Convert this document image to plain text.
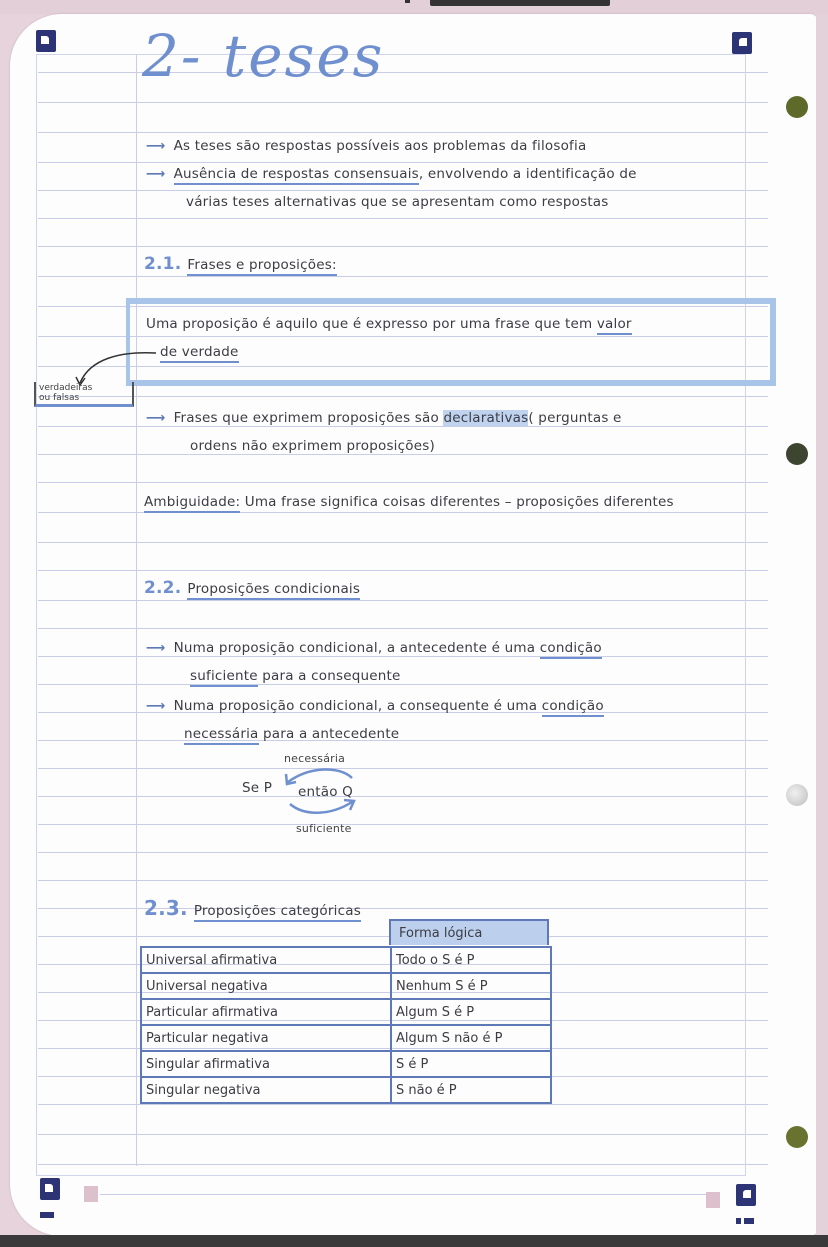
2- teses
⟶ As teses são respostas possíveis aos problemas da filosofia
⟶ Ausência de respostas consensuais, envolvendo a identificação de
várias teses alternativas que se apresentam como respostas
2.1. Frases e proposições:
Uma proposição é aquilo que é expresso por uma frase que tem valor
de verdade
verdadeiras
ou falsas
⟶ Frases que exprimem proposições são declarativas( perguntas e
ordens não exprimem proposições)
Ambiguidade: Uma frase significa coisas diferentes – proposições diferentes
2.2. Proposições condicionais
⟶ Numa proposição condicional, a antecedente é uma condição
suficiente para a consequente
⟶ Numa proposição condicional, a consequente é uma condição
necessária para a antecedente
necessária
Se P então Q
suficiente
2.3. Proposições categóricas
Forma lógica
Universal afirmativa	Todo o S é P
Universal negativa	Nenhum S é P
Particular afirmativa	Algum S é P
Particular negativa	Algum S não é P
Singular afirmativa	S é P
Singular negativa	S não é P
